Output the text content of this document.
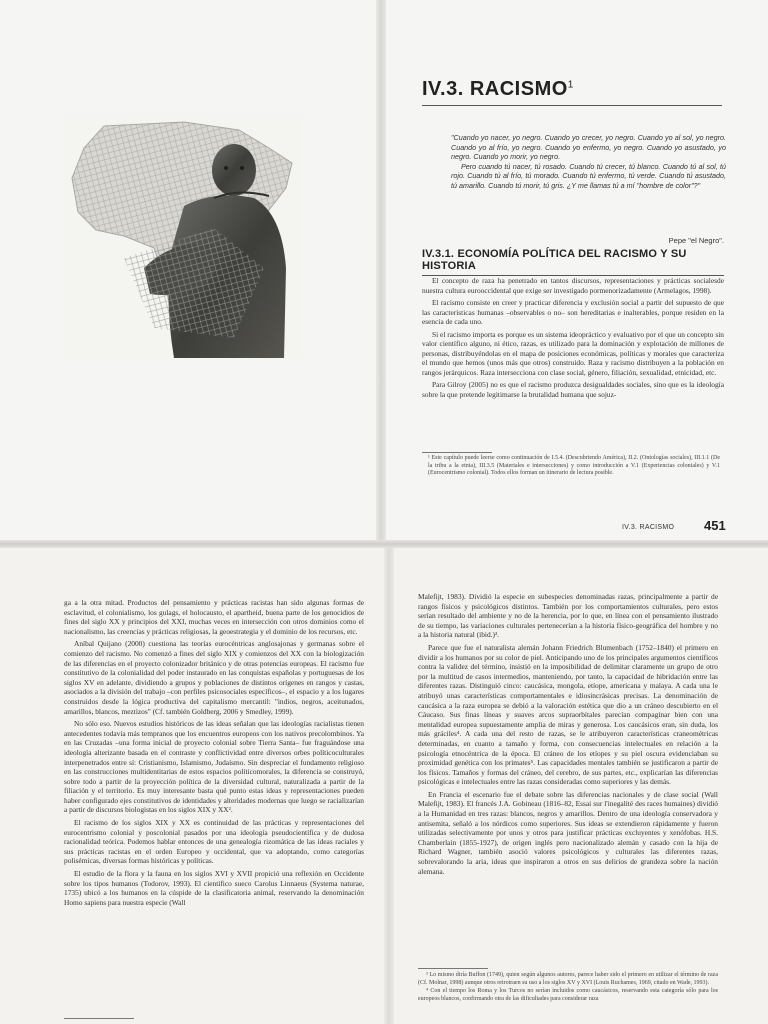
IV.3. RACISMO$^1$

"Cuando yo nacer, yo negro. Cuando yo crecer, yo negro. Cuando yo al sol, yo negro. Cuando yo al frío, yo negro. Cuando yo enfermo, yo negro. Cuando yo asustado, yo negro. Cuando yo morir, yo negro.

Pero cuando tú nacer, tú rosado. Cuando tú crecer, tú blanco. Cuando tú al sol, tú rojo. Cuando tú al frío, tú morado. Cuando tú enfermo, tú verde. Cuando tú asustado, tú amarillo. Cuando tú morir, tú gris. ¿Y me llamas tú a mí "hombre de color"?"

Pepe "el Negro".
IV.3.1. ECONOMÍA POLÍTICA DEL RACISMO Y SU HISTORIA

El concepto de raza ha penetrado en tantos discursos, representaciones y prácticas socialesde nuestra cultura eurooccidental que exige ser investigado pormenorizadamente (Armelagos, 1998).

El racismo consiste en creer y practicar diferencia y exclusión social a partir del supuesto de que las características humanas –observables o no– son hereditarias e inalterables, porque residen en la esencia de cada uno.

Si el racismo importa es porque es un sistema ideopráctico y evaluativo por el que un concepto sin valor científico alguno, ni ético, razas, es utilizado para la dominación y explotación de millones de personas, distribuyéndolas en el mapa de posiciones económicas, políticas y morales que caracteriza el mundo que hemos (unos más que otros) construido. Raza y racismo distribuyen a la población en rangos jerárquicos. Raza intersecciona con clase social, género, filiación, sexualidad, etnicidad, etc.

Para Gilroy (2005) no es que el racismo produzca desigualdades sociales, sino que es la ideología sobre la que pretende legitimarse la brutalidad humana que sojuz-

¹ Este capítulo puede leerse como continuación de I.5.4. (Descubriendo América), II.2. (Ontologías sociales), III.1.1 (De la tribu a la etnia), III.3.5 (Materiales e intersecciones) y como introducción a V.1 (Experiencias coloniales) y V.1 (Eurocentrismo colonial). Todos ellos forman un itinerario de lectura posible.
IV.3. RACISMO 451

ga a la otra mitad. Productos del pensamiento y prácticas racistas han sido algunas formas de esclavitud, el colonialismo, los gulags, el holocausto, el apartheid, buena parte de los genocidios de fines del siglo XX y principios del XXI, muchas veces en intersección con otros dominios como el nacionalismo, las creencias y prácticas religiosas, la geoestrategia y el dominio de los recursos, etc.

Aníbal Quijano (2000) cuestiona las teorías eurocéntricas anglosajonas y germanas sobre el comienzo del racismo. No comenzó a fines del siglo XIX y comienzos del XX con la biologización de las diferencias en el proyecto colonizador británico y de otras potencias europeas. El racismo fue constitutivo de la colonialidad del poder instaurado en las conquistas españolas y portuguesas de los siglos XV en adelante, dividiendo a grupos y poblaciones de distintos orígenes en rangos y castas, asociados a la división del trabajo –con perfiles psicosociales específicos–, el espacio y a los lugares construidos desde la lógica productiva del capitalismo mercantil: "indios, negros, aceitunados, amarillos, blancos, meztizos" (Cf. también Goldberg, 2006 y Smedley, 1999).

No sólo eso. Nuevos estudios históricos de las ideas señalan que las ideologías racialistas tienen antecedentes todavía más tempranos que los encuentros europeos con los nativos precolombinos. Ya en las Cruzadas –una forma inicial de proyecto colonial sobre Tierra Santa– fue fraguándose una ideología alterizante basada en el contraste y conflictividad entre diversos orbes políticoculturales interpenetrados entre sí: Cristianismo, Islamismo, Judaísmo. Sin despreciar el fundamento religioso en las construcciones multidentitarias de estos espacios políticomorales, la diferencia se construyó, sobre todo a partir de la proyección política de la diversidad cultural, naturalizada a partir de la filiación y el territorio. Es muy interesante basta qué punto estas ideas y representaciones pueden haber configurado ejes constitutivos de identidades y alteridades modernas que luego se racializarían a partir de discursos biologistas en los siglos XIX y XX².

El racismo de los siglos XIX y XX es continuidad de las prácticas y representaciones del eurocentrismo colonial y poscolonial pasados por una ideología pseudocientífica y de dudosa racionalidad teórica. Podemos hablar entonces de una genealogía rizomática de las ideas raciales y sus prácticas racistas en el orden Europeo y occidental, que va adoptando, como categorías polisémicas, diversas formas históricas y políticas.

El estudio de la flora y la fauna en los siglos XVI y XVII propició una reflexión en Occidente sobre los tipos humanos (Todorov, 1993). El científico sueco Carolus Linnaeus (Systema naturae, 1735) ubicó a los humanos en la cúspide de la clasificatoria animal, reservando la denominación Homo sapiens para nuestra especie (Wall

Malefijt, 1983). Dividió la especie en subespecies denominadas razas, principalmente a partir de rangos físicos y psicológicos distintos. También por los comportamientos culturales, pero estos serían resultado del ambiente y no de la herencia, por lo que, en línea con el pensamiento ilustrado de su tiempo, las variaciones culturales pertenecerían a la historia físico-geográfica del hombre y no a la historia natural (ibid.)³.

Parece que fue el naturalista alemán Johann Friedrich Blumenbach (1752–1840) el primero en dividir a los humanos por su color de piel. Anticipando uno de los principales argumentos científicos contra la validez del término, insistió en la imposibilidad de delimitar claramente un grupo de otro por la multitud de casos intermedios, manteniendo, por tanto, la capacidad de hibridación entre las diferentes razas. Distinguió cinco: caucásica, mongola, etíope, americana y malaya. A cada una le atribuyó unas características comportamentales e idiosincrásicas precisas. La denominación de caucásica a la raza europea se debió a la valoración estética que dio a un cráneo descubierto en el Cáucaso. Sus finas líneas y suaves arcos supraorbitales parecían compaginar bien con una mentalidad europea supuestamente amplia de miras y generosa. Los caucásicos eran, sin duda, los más gráciles⁴. A cada una del resto de razas, se le atribuyeron características craneométricas determinadas, en cuanto a tamaño y forma, con consecuencias intelectuales en relación a la psicología etnocéntrica de la época. El cráneo de los etíopes y su piel oscura evidenciaban su proximidad genética con los primates⁵. Las capacidades mentales también se justificaron a partir de los físicos. Tamaños y formas del cráneo, del cerebro, de sus partes, etc., explicarían las diferencias psicológicas e intelectuales entre las razas consideradas como superiores y las demás.

En Francia el escenario fue el debate sobre las diferencias nacionales y de clase social (Wall Malefijt, 1983). El francés J.A. Gobineau (1816–82, Essai sur l'inegalité des races humaines) dividió a la Humanidad en tres razas: blancos, negros y amarillos. Dentro de una ideología conservadora y antisemita, señaló a los nórdicos como superiores. Sus ideas se extendieron rápidamente y fueron utilizadas selectivamente por unos y otros para justificar prácticas excluyentes y xenófobas. H.S. Chamberlain (1855-1927), de origen inglés pero nacionalizado alemán y casado con la hija de Richard Wagner, también asoció valores psicológicos y culturales las diferentes razas, sobrevalorando la aria, ideas que inspiraron a otros en sus delirios de grandeza sobre la nación alemana.

³ Lo mismo diría Buffon (1749), quien según algunos autores, parece haber sido el primero en utilizar el término de raza (Cf. Molnar, 1998) aunque otros retrotraen su uso a los siglos XV y XVI (Louis Ruchames, 1969, citado en Wade, 1993).

⁴ Con el tiempo los Roma y los Turcos no serían incluidos como caucásicos, reservando esta categoría sólo para los europeos blancos, confirmando otra de las dificultades para considerar raza
